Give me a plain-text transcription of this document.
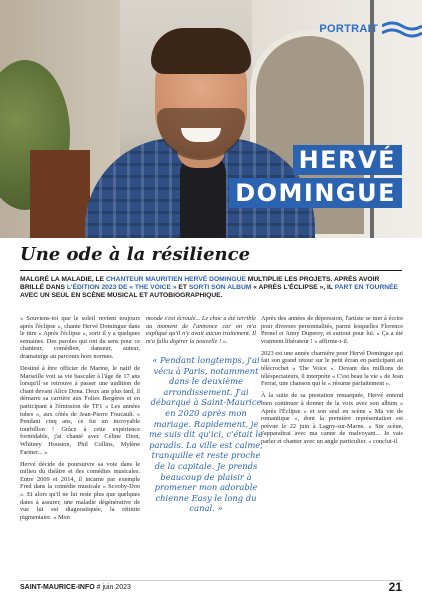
PORTRAIT
HERVÉ
DOMINGUE
Une ode à la résilience

MALGRÉ LA MALADIE, LE CHANTEUR MAURITIEN HERVÉ DOMINGUE MULTIPLIE LES PROJETS. APRÈS AVOIR BRILLÉ DANS L'ÉDITION 2023 DE « THE VOICE » ET SORTI SON ALBUM « APRÈS L'ÉCLIPSE », IL PART EN TOURNÉE AVEC UN SEUL EN SCÈNE MUSICAL ET AUTOBIOGRAPHIQUE.

« Souviens-toi que le soleil revient toujours après l'éclipse », chante Hervé Domingue dans le titre « Après l'éclipse », sorti il y a quelques semaines. Des paroles qui ont du sens pour ce chanteur, comédien, danseur, auteur, dramaturge au parcours hors normes.

Destiné à être officier de Marine, le natif de Marseille voit sa vie basculer à l'âge de 17 ans lorsqu'il se retrouve à passer une audition de chant devant Alice Dona. Deux ans plus tard, il démarre sa carrière aux Folies Bergères et en participant à l'émission de TF1 « Les années tubes », aux côtés de Jean-Pierre Foucault. « Pendant cinq ans, ce fut un incroyable tourbillon ! Grâce à cette expérience formidable, j'ai chanté avec Céline Dion, Whitney Houston, Phil Collins, Mylène Farmer... »

Hervé décide de poursuivre sa voie dans le milieu du théâtre et des comédies musicales. Entre 2009 et 2014, il incarne par exemple Fred dans la comédie musicale « Scooby-Doo ». Et alors qu'il ne lui reste plus que quelques dates à assurer, une maladie dégénérative de vue lui est diagnostiquée, la rétinite pigmentaire. « Mon

monde s'est écroulé... Le choc a été terrible au moment de l'annonce car on m'a expliqué qu'il n'y avait aucun traitement. Il m'a fallu digérer la nouvelle ! ».

« Pendant longtemps, j'ai vécu à Paris, notamment dans le deuxième arrondissement. J'ai débarqué à Saint-Maurice en 2020 après mon mariage. Rapidement, je me suis dit qu'ici, c'était le paradis. La ville est calme, tranquille et reste proche de la capitale. Je prends beaucoup de plaisir à promener mon adorable chienne Easy le long du canal. »

Après des années de dépression, l'artiste se met à écrire pour diverses personnalités, parmi lesquelles Florence Pernel et Anny Duperey, et surtout pour lui. « Ça a été vraiment libérateur ! » affirme-t-il.

2023 est une année charnière pour Hervé Domingue qui fait son grand retour sur le petit écran en participant au télécrochet « The Voice ». Devant des millions de téléspectateurs, il interprète « C'est beau la vie » de Jean Ferrat, une chanson qui le « résume parfaitement ».

À la suite de sa prestation remarquée, Hervé entend bien continuer à donner de la voix avec son album « Après l'Éclipse » et son seul en scène « Ma vie de romantique », dont la première représentation est prévue le 22 juin à Lagny-sur-Marne. « Sur scène, j'apparaîtrai avec ma canne de malvoyant... Je vais parler et chanter avec un angle particulier. » conclut-il.

SAINT-MAURICE-INFO # juin 2023	21
